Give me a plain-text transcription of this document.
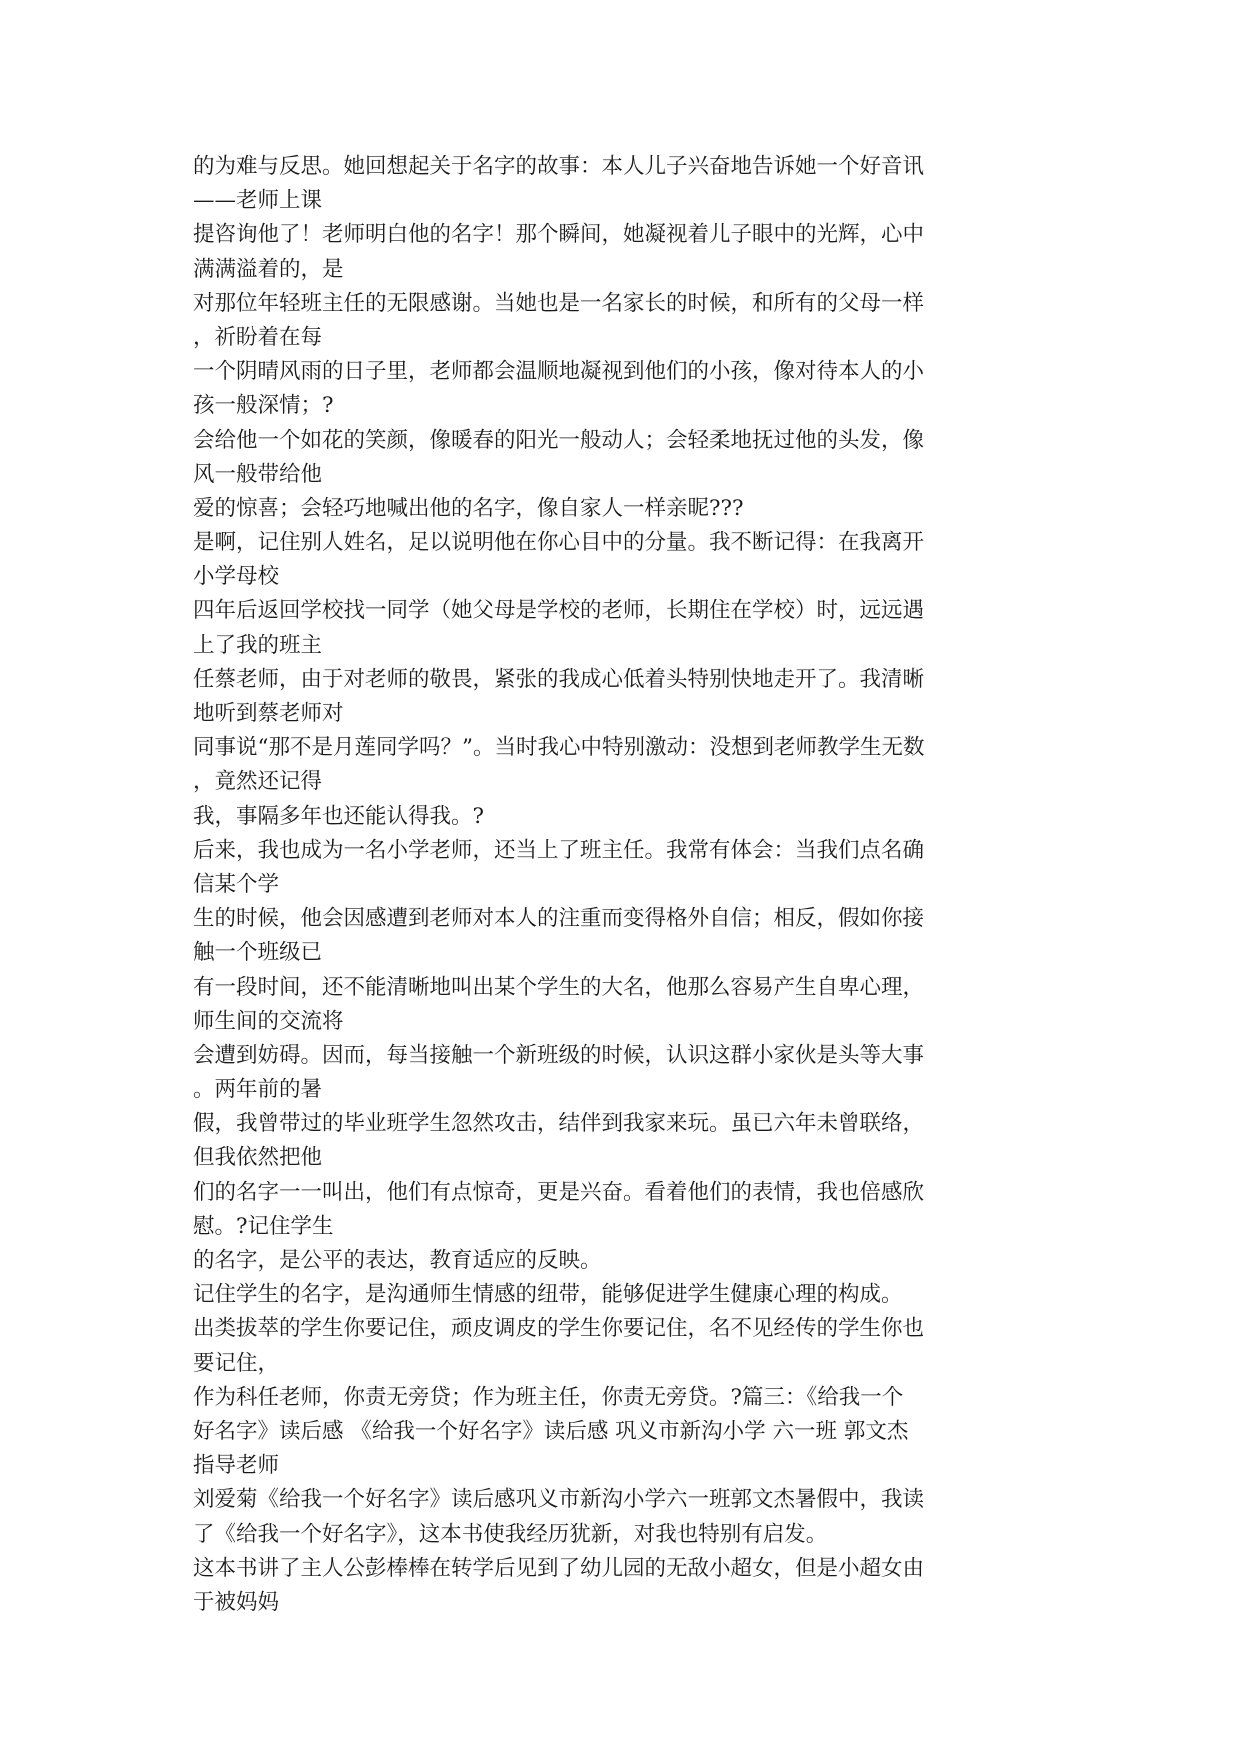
的为难与反思。她回想起关于名字的故事：本人儿子兴奋地告诉她一个好音讯
——老师上课
提咨询他了！老师明白他的名字！那个瞬间，她凝视着儿子眼中的光辉，心中
满满溢着的，是
对那位年轻班主任的无限感谢。当她也是一名家长的时候，和所有的父母一样
，祈盼着在每
一个阴晴风雨的日子里，老师都会温顺地凝视到他们的小孩，像对待本人的小
孩一般深情；?
会给他一个如花的笑颜，像暖春的阳光一般动人；会轻柔地抚过他的头发，像
风一般带给他
爱的惊喜；会轻巧地喊出他的名字，像自家人一样亲昵???
是啊，记住别人姓名，足以说明他在你心目中的分量。我不断记得：在我离开
小学母校
四年后返回学校找一同学（她父母是学校的老师，长期住在学校）时，远远遇
上了我的班主
任蔡老师，由于对老师的敬畏，紧张的我成心低着头特别快地走开了。我清晰
地听到蔡老师对
同事说“那不是月莲同学吗？”。当时我心中特别激动：没想到老师教学生无数
，竟然还记得
我，事隔多年也还能认得我。?
后来，我也成为一名小学老师，还当上了班主任。我常有体会：当我们点名确
信某个学
生的时候，他会因感遭到老师对本人的注重而变得格外自信；相反，假如你接
触一个班级已
有一段时间，还不能清晰地叫出某个学生的大名，他那么容易产生自卑心理，
师生间的交流将
会遭到妨碍。因而，每当接触一个新班级的时候，认识这群小家伙是头等大事
。两年前的暑
假，我曾带过的毕业班学生忽然攻击，结伴到我家来玩。虽已六年未曾联络，
但我依然把他
们的名字一一叫出，他们有点惊奇，更是兴奋。看着他们的表情，我也倍感欣
慰。?记住学生
的名字，是公平的表达，教育适应的反映。
记住学生的名字，是沟通师生情感的纽带，能够促进学生健康心理的构成。
出类拔萃的学生你要记住，顽皮调皮的学生你要记住，名不见经传的学生你也
要记住，
作为科任老师，你责无旁贷；作为班主任，你责无旁贷。?篇三：《给我一个
好名字》读后感 《给我一个好名字》读后感 巩义市新沟小学 六一班 郭文杰
指导老师
刘爱菊《给我一个好名字》读后感巩义市新沟小学六一班郭文杰暑假中，我读
了《给我一个好名字》，这本书使我经历犹新，对我也特别有启发。
这本书讲了主人公彭棒棒在转学后见到了幼儿园的无敌小超女，但是小超女由
于被妈妈
